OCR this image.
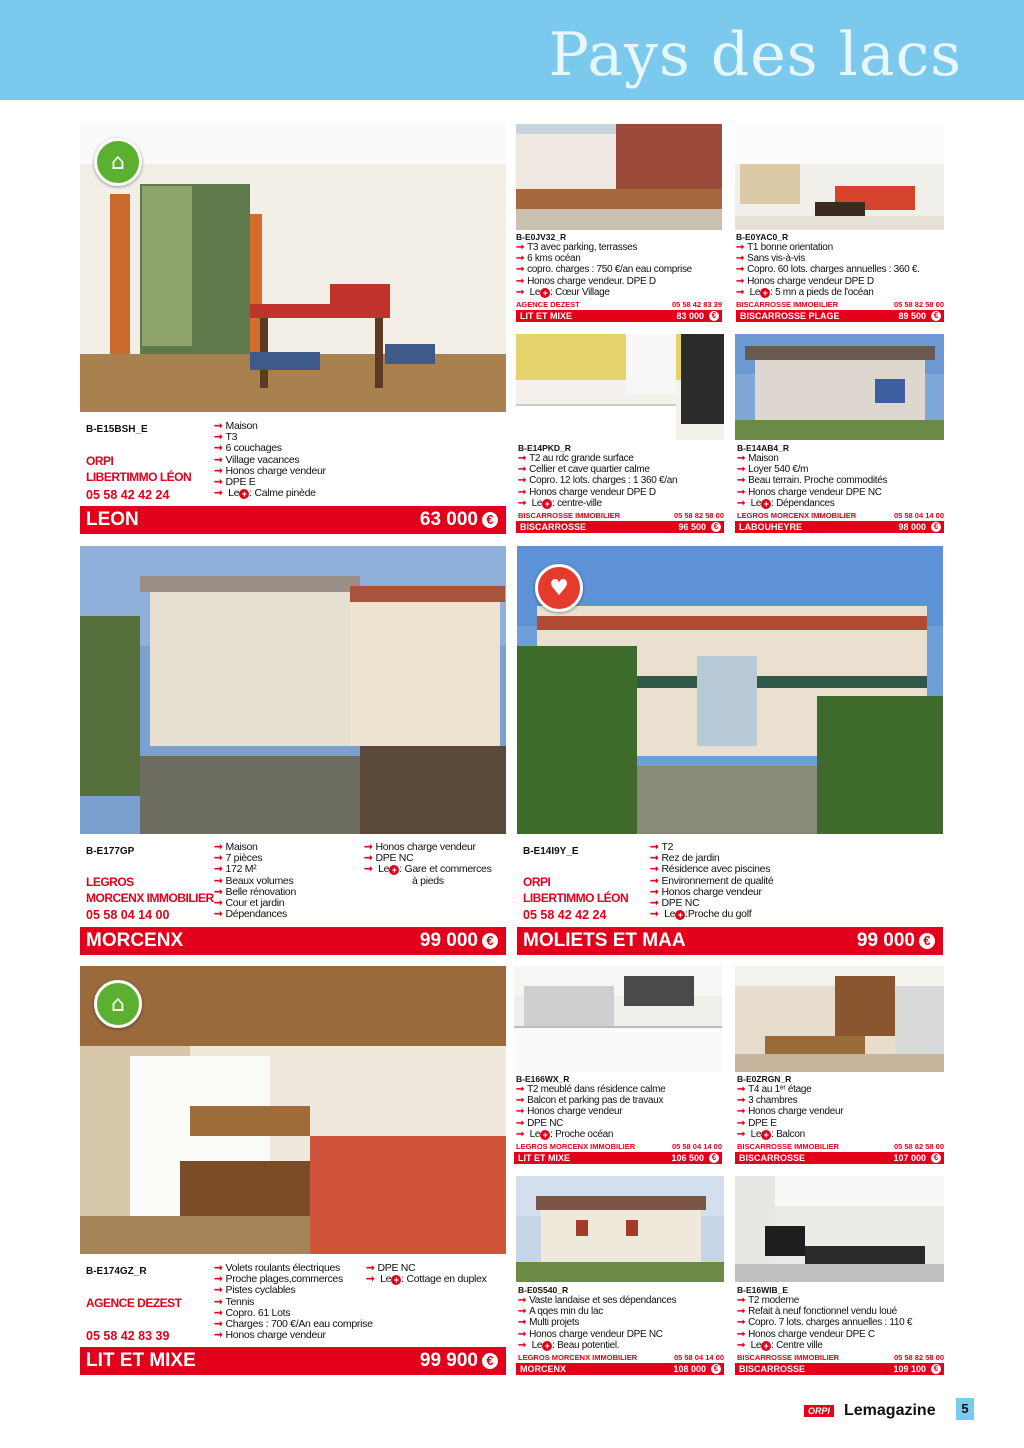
Pays des lacs
⌂
B-E15BSH_E	➞ Maison
➞ T3
➞ 6 couchages
➞ Village vacances
➞ Honos charge vendeur
➞ DPE E
➞ Le + : Calme pinède
ORPI
LIBERTIMMO LÉON
05 58 42 42 24
LEON	63 000 €
B-E0JV32_R
➞ T3 avec parking, terrasses
➞ 6 kms océan
➞ copro. charges : 750 €/an eau comprise
➞ Honos charge vendeur. DPE D
➞ Le + : Cœur Village
AGENCE DEZEST	05 58 42 83 39
LIT ET MIXE	83 000 €
B-E0YAC0_R
➞ T1 bonne orientation
➞ Sans vis-à-vis
➞ Copro. 60 lots. charges annuelles : 360 €.
➞ Honos charge vendeur DPE D
➞ Le + : 5 mn a pieds de l'océan
BISCARROSSE IMMOBILIER	05 58 82 58 00
BISCARROSSE PLAGE	89 500 €
B-E14PKD_R
➞ T2 au rdc grande surface
➞ Cellier et cave quartier calme
➞ Copro. 12 lots. charges : 1 360 €/an
➞ Honos charge vendeur DPE D
➞ Le + : centre-ville
BISCARROSSE IMMOBILIER	05 58 82 58 00
BISCARROSSE	96 500 €
B-E14AB4_R
➞ Maison
➞ Loyer 540 €/m
➞ Beau terrain. Proche commodités
➞ Honos charge vendeur DPE NC
➞ Le + : Dépendances
LEGROS MORCENX IMMOBILIER	05 58 04 14 00
LABOUHEYRE	98 000 €
B-E177GP	➞ Maison
➞ 7 pièces
➞ 172 M²
➞ Beaux volumes
➞ Belle rénovation
➞ Cour et jardin
➞ Dépendances
➞ Honos charge vendeur
➞ DPE NC
➞ Le + : Gare et commerces
à pieds
LEGROS
MORCENX IMMOBILIER
05 58 04 14 00
MORCENX	99 000 €
♥
B-E14I9Y_E	➞ T2
➞ Rez de jardin
➞ Résidence avec piscines
➞ Environnement de qualité
➞ Honos charge vendeur
➞ DPE NC
➞ Le + :Proche du golf
ORPI
LIBERTIMMO LÉON
05 58 42 42 24
MOLIETS ET MAA	99 000 €
⌂
B-E174GZ_R	➞ Volets roulants électriques
➞ Proche plages,commerces
➞ Pistes cyclables
➞ Tennis
➞ Copro. 61 Lots
➞ Charges : 700 €/An eau comprise
➞ Honos charge vendeur
➞ DPE NC
➞ Le + : Cottage en duplex
AGENCE DEZEST
05 58 42 83 39
LIT ET MIXE	99 900 €
B-E166WX_R
➞ T2 meublé dans résidence calme
➞ Balcon et parking pas de travaux
➞ Honos charge vendeur
➞ DPE NC
➞ Le + : Proche océan
LEGROS MORCENX IMMOBILIER	05 58 04 14 00
LIT ET MIXE	106 500 €
B-E0ZRGN_R
➞ T4 au 1ᵉʳ étage
➞ 3 chambres
➞ Honos charge vendeur
➞ DPE E
➞ Le + : Balcon
BISCARROSSE IMMOBILIER	05 58 82 58 00
BISCARROSSE	107 000 €
B-E0S540_R
➞ Vaste landaise et ses dépendances
➞ A qqes min du lac
➞ Multi projets
➞ Honos charge vendeur DPE NC
➞ Le + : Beau potentiel.
LEGROS MORCENX IMMOBILIER	05 58 04 14 00
MORCENX	108 000 €
B-E16WIB_E
➞ T2 moderne
➞ Refait à neuf fonctionnel vendu loué
➞ Copro. 7 lots. charges annuelles : 110 €
➞ Honos charge vendeur DPE C
➞ Le + : Centre ville
BISCARROSSE IMMOBILIER	05 58 82 58 00
BISCARROSSE	109 100 €
ORPI Lemagazine	5
